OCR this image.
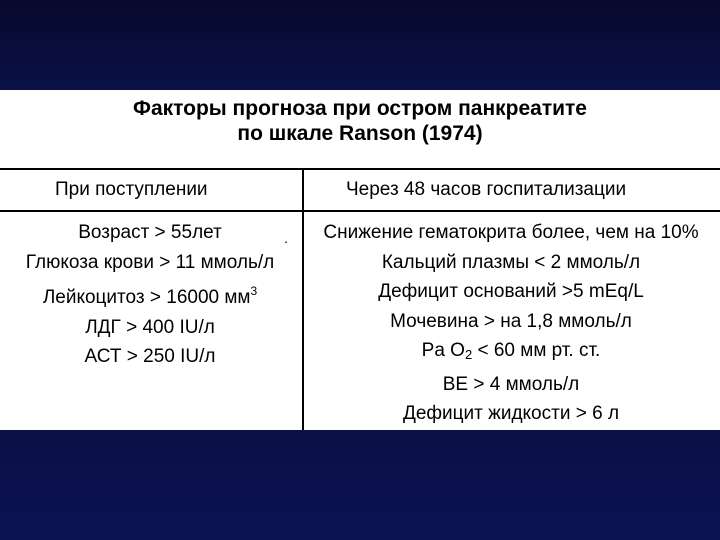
Факторы прогноза при остром панкреатите
по шкале Ranson (1974)
При поступлении	Через 48 часов госпитализации
.
Возраст > 55лет
Глюкоза крови > 11 ммоль/л
Лейкоцитоз > 16000 $мм^3$
ЛДГ > 400 IU/л
АСТ > 250 IU/л
Снижение гематокрита более, чем на 10%
Кальций плазмы < 2 ммоль/л
Дефицит оснований >5 mEq/L
Мочевина > на 1,8 ммоль/л
Pa $O_2 < 60$ мм рт. ст.
BE > 4 ммоль/л
Дефицит жидкости > 6 л
